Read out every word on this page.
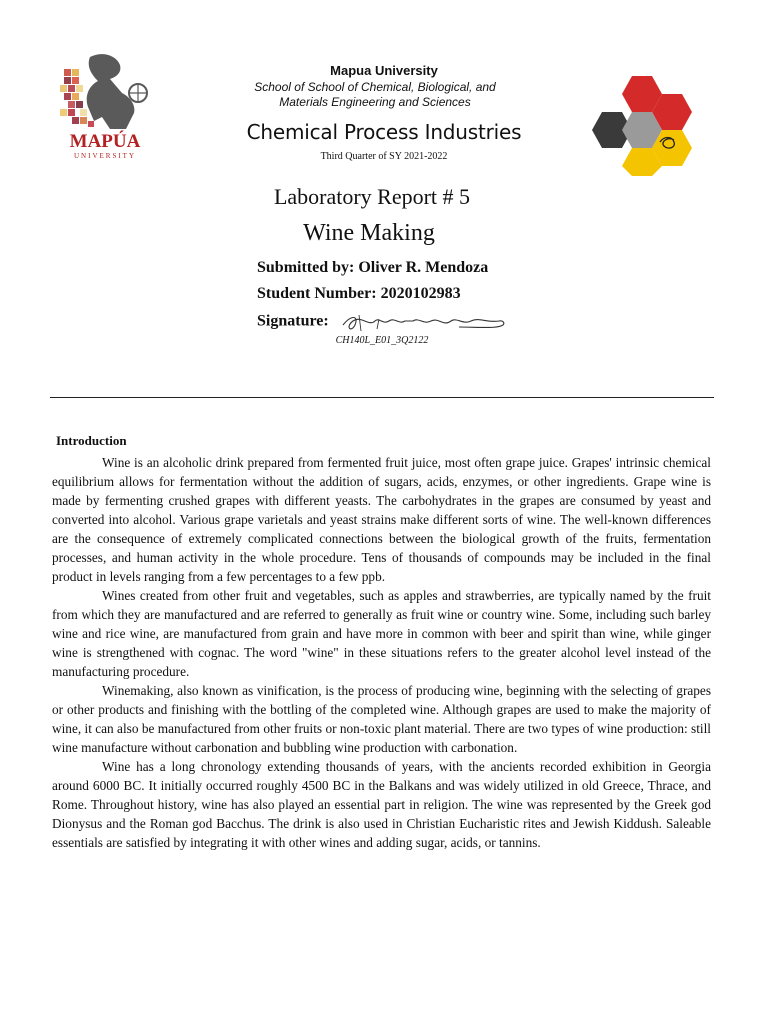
MAPÚA
UNIVERSITY
Mapua University
School of School of Chemical, Biological, and
Materials Engineering and Sciences
Chemical Process Industries
Third Quarter of SY 2021-2022
Laboratory Report # 5
Wine Making
Submitted by: Oliver R. Mendoza
Student Number: 2020102983
Signature:
CH140L_E01_3Q2122
Introduction

Wine is an alcoholic drink prepared from fermented fruit juice, most often grape juice. Grapes' intrinsic chemical equilibrium allows for fermentation without the addition of sugars, acids, enzymes, or other ingredients. Grape wine is made by fermenting crushed grapes with different yeasts. The carbohydrates in the grapes are consumed by yeast and converted into alcohol. Various grape varietals and yeast strains make different sorts of wine. The well-known differences are the consequence of extremely complicated connections between the biological growth of the fruits, fermentation processes, and human activity in the whole procedure. Tens of thousands of compounds may be included in the final product in levels ranging from a few percentages to a few ppb.

Wines created from other fruit and vegetables, such as apples and strawberries, are typically named by the fruit from which they are manufactured and are referred to generally as fruit wine or country wine. Some, including such barley wine and rice wine, are manufactured from grain and have more in common with beer and spirit than wine, while ginger wine is strengthened with cognac. The word "wine" in these situations refers to the greater alcohol level instead of the manufacturing procedure.

Winemaking, also known as vinification, is the process of producing wine, beginning with the selecting of grapes or other products and finishing with the bottling of the completed wine. Although grapes are used to make the majority of wine, it can also be manufactured from other fruits or non-toxic plant material. There are two types of wine production: still wine manufacture without carbonation and bubbling wine production with carbonation.

Wine has a long chronology extending thousands of years, with the ancients recorded exhibition in Georgia around 6000 BC. It initially occurred roughly 4500 BC in the Balkans and was widely utilized in old Greece, Thrace, and Rome. Throughout history, wine has also played an essential part in religion. The wine was represented by the Greek god Dionysus and the Roman god Bacchus. The drink is also used in Christian Eucharistic rites and Jewish Kiddush. Saleable essentials are satisfied by integrating it with other wines and adding sugar, acids, or tannins.
